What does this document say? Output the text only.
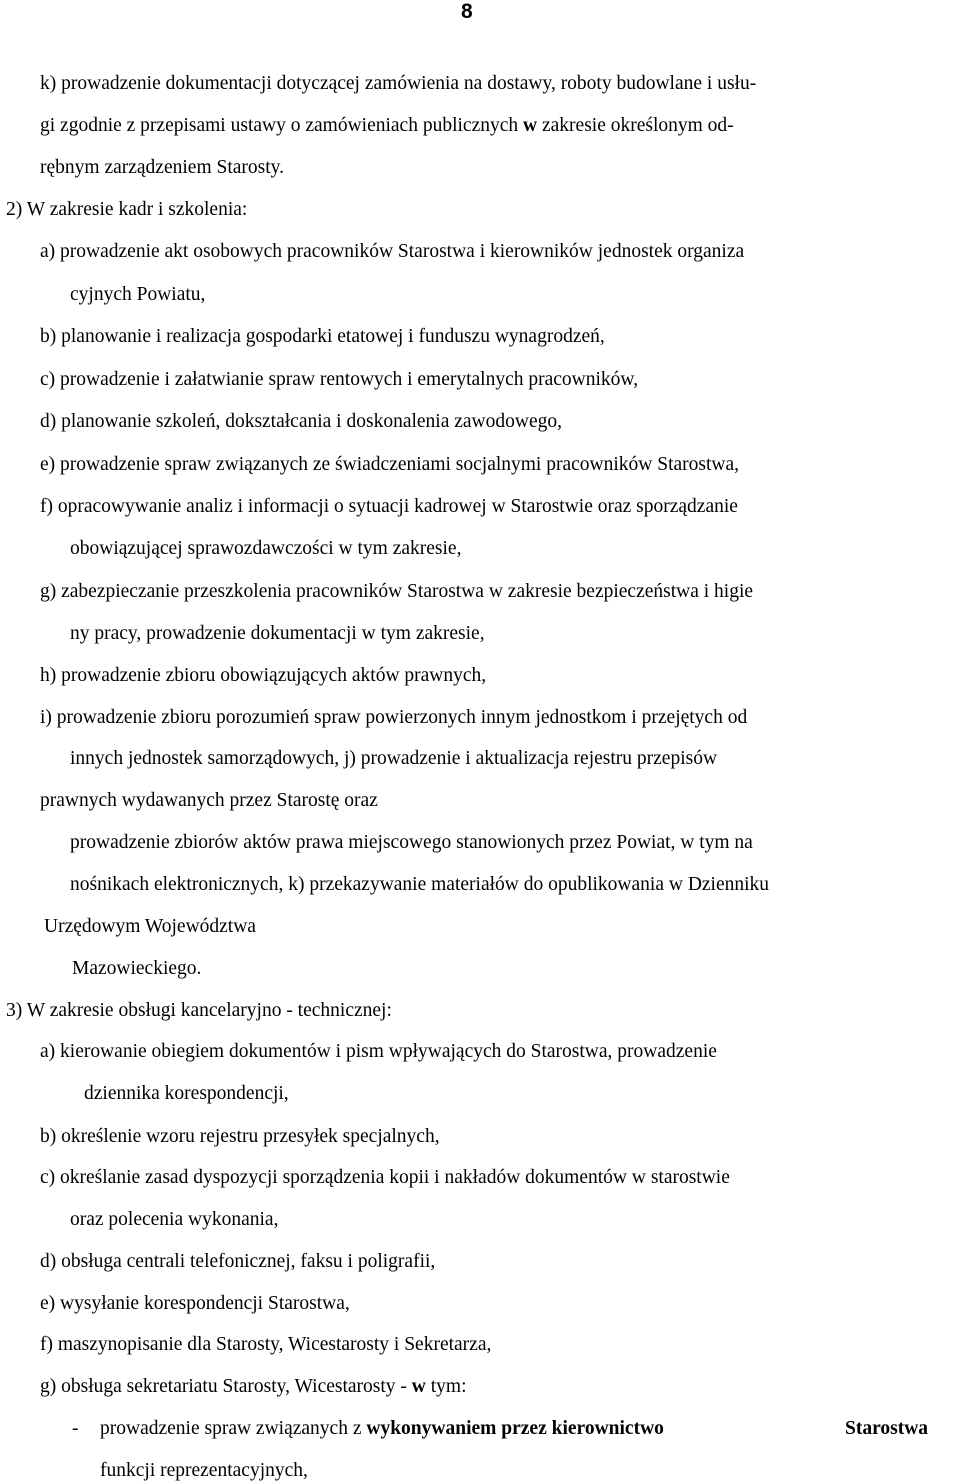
8
k) prowadzenie dokumentacji dotyczącej zamówienia na dostawy, roboty budowlane i usłu-
gi zgodnie z przepisami ustawy o zamówieniach publicznych w zakresie określonym od-
rębnym zarządzeniem Starosty.
2) W zakresie kadr i szkolenia:
a) prowadzenie akt osobowych pracowników Starostwa i kierowników jednostek organiza
cyjnych Powiatu,
b) planowanie i realizacja gospodarki etatowej i funduszu wynagrodzeń,
c) prowadzenie i załatwianie spraw rentowych i emerytalnych pracowników,
d) planowanie szkoleń, dokształcania i doskonalenia zawodowego,
e) prowadzenie spraw związanych ze świadczeniami socjalnymi pracowników Starostwa,
f) opracowywanie analiz i informacji o sytuacji kadrowej w Starostwie oraz sporządzanie
obowiązującej sprawozdawczości w tym zakresie,
g) zabezpieczanie przeszkolenia pracowników Starostwa w zakresie bezpieczeństwa i higie
ny pracy, prowadzenie dokumentacji w tym zakresie,
h) prowadzenie zbioru obowiązujących aktów prawnych,
i) prowadzenie zbioru porozumień spraw powierzonych innym jednostkom i przejętych od
innych jednostek samorządowych, j) prowadzenie i aktualizacja rejestru przepisów
prawnych wydawanych przez Starostę oraz
prowadzenie zbiorów aktów prawa miejscowego stanowionych przez Powiat, w tym na
nośnikach elektronicznych, k) przekazywanie materiałów do opublikowania w Dzienniku
Urzędowym Województwa
Mazowieckiego.
3) W zakresie obsługi kancelaryjno - technicznej:
a) kierowanie obiegiem dokumentów i pism wpływających do Starostwa, prowadzenie
dziennika korespondencji,
b) określenie wzoru rejestru przesyłek specjalnych,
c) określanie zasad dyspozycji sporządzenia kopii i nakładów dokumentów w starostwie
oraz polecenia wykonania,
d) obsługa centrali telefonicznej, faksu i poligrafii,
e) wysyłanie korespondencji Starostwa,
f) maszynopisanie dla Starosty, Wicestarosty i Sekretarza,
g) obsługa sekretariatu Starosty, Wicestarosty - w tym:
- prowadzenie spraw związanych z wykonywaniem przez kierownictwo	Starostwa
funkcji reprezentacyjnych,
